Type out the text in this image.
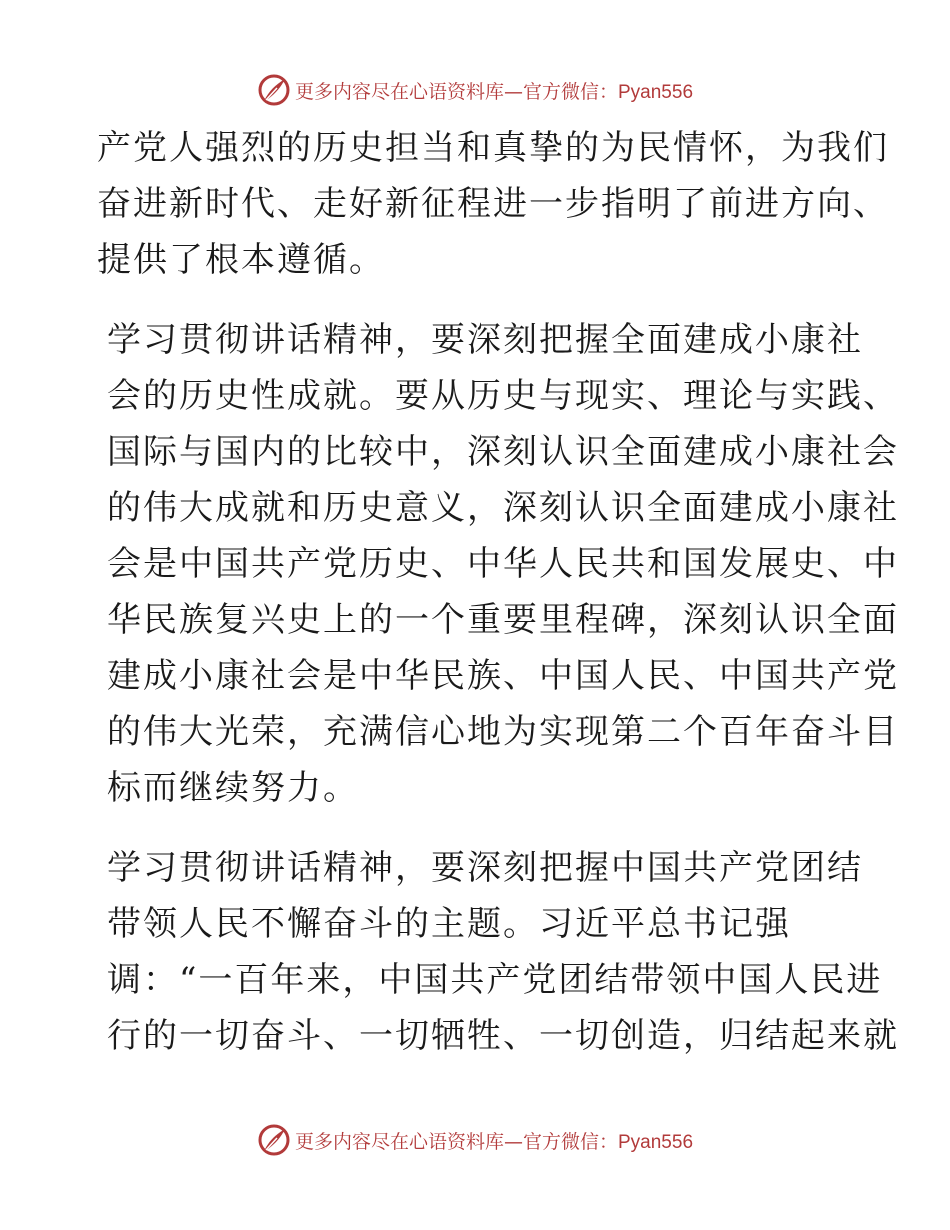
更多内容尽在心语资料库—官方微信：Pyan556
产党人强烈的历史担当和真挚的为民情怀，为我们
奋进新时代、走好新征程进一步指明了前进方向、
提供了根本遵循。
学习贯彻讲话精神，要深刻把握全面建成小康社
会的历史性成就。要从历史与现实、理论与实践、
国际与国内的比较中，深刻认识全面建成小康社会
的伟大成就和历史意义，深刻认识全面建成小康社
会是中国共产党历史、中华人民共和国发展史、中
华民族复兴史上的一个重要里程碑，深刻认识全面
建成小康社会是中华民族、中国人民、中国共产党
的伟大光荣，充满信心地为实现第二个百年奋斗目
标而继续努力。
学习贯彻讲话精神，要深刻把握中国共产党团结
带领人民不懈奋斗的主题。习近平总书记强
调：“一百年来，中国共产党团结带领中国人民进
行的一切奋斗、一切牺牲、一切创造，归结起来就
更多内容尽在心语资料库—官方微信：Pyan556
